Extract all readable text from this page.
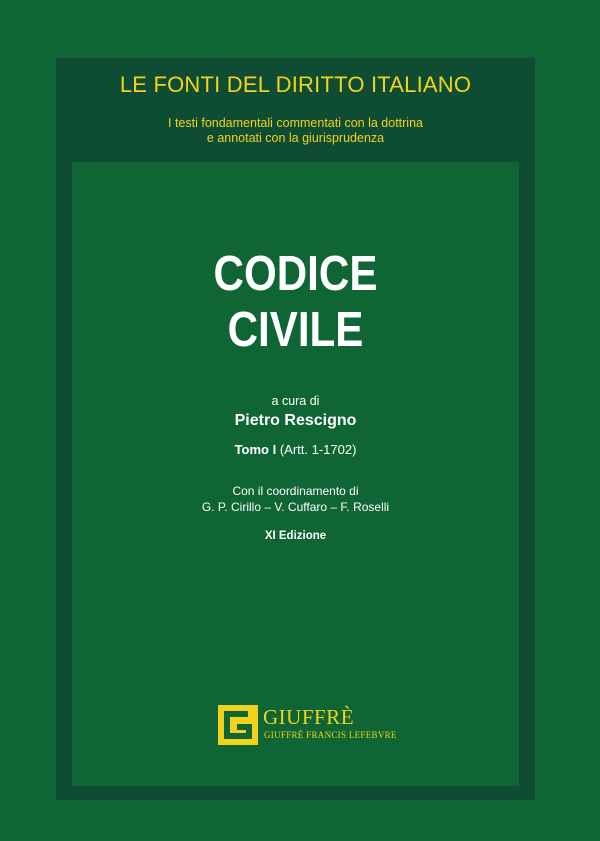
LE FONTI DEL DIRITTO ITALIANO
I testi fondamentali commentati con la dottrina
e annotati con la giurisprudenza
CODICE
CIVILE
a cura di
Pietro Rescigno
Tomo I (Artt. 1-1702)
Con il coordinamento di
G. P. Cirillo – V. Cuffaro – F. Roselli
XI Edizione
GIUFFRÈ
GIUFFRÈ FRANCIS LEFEBVRE
